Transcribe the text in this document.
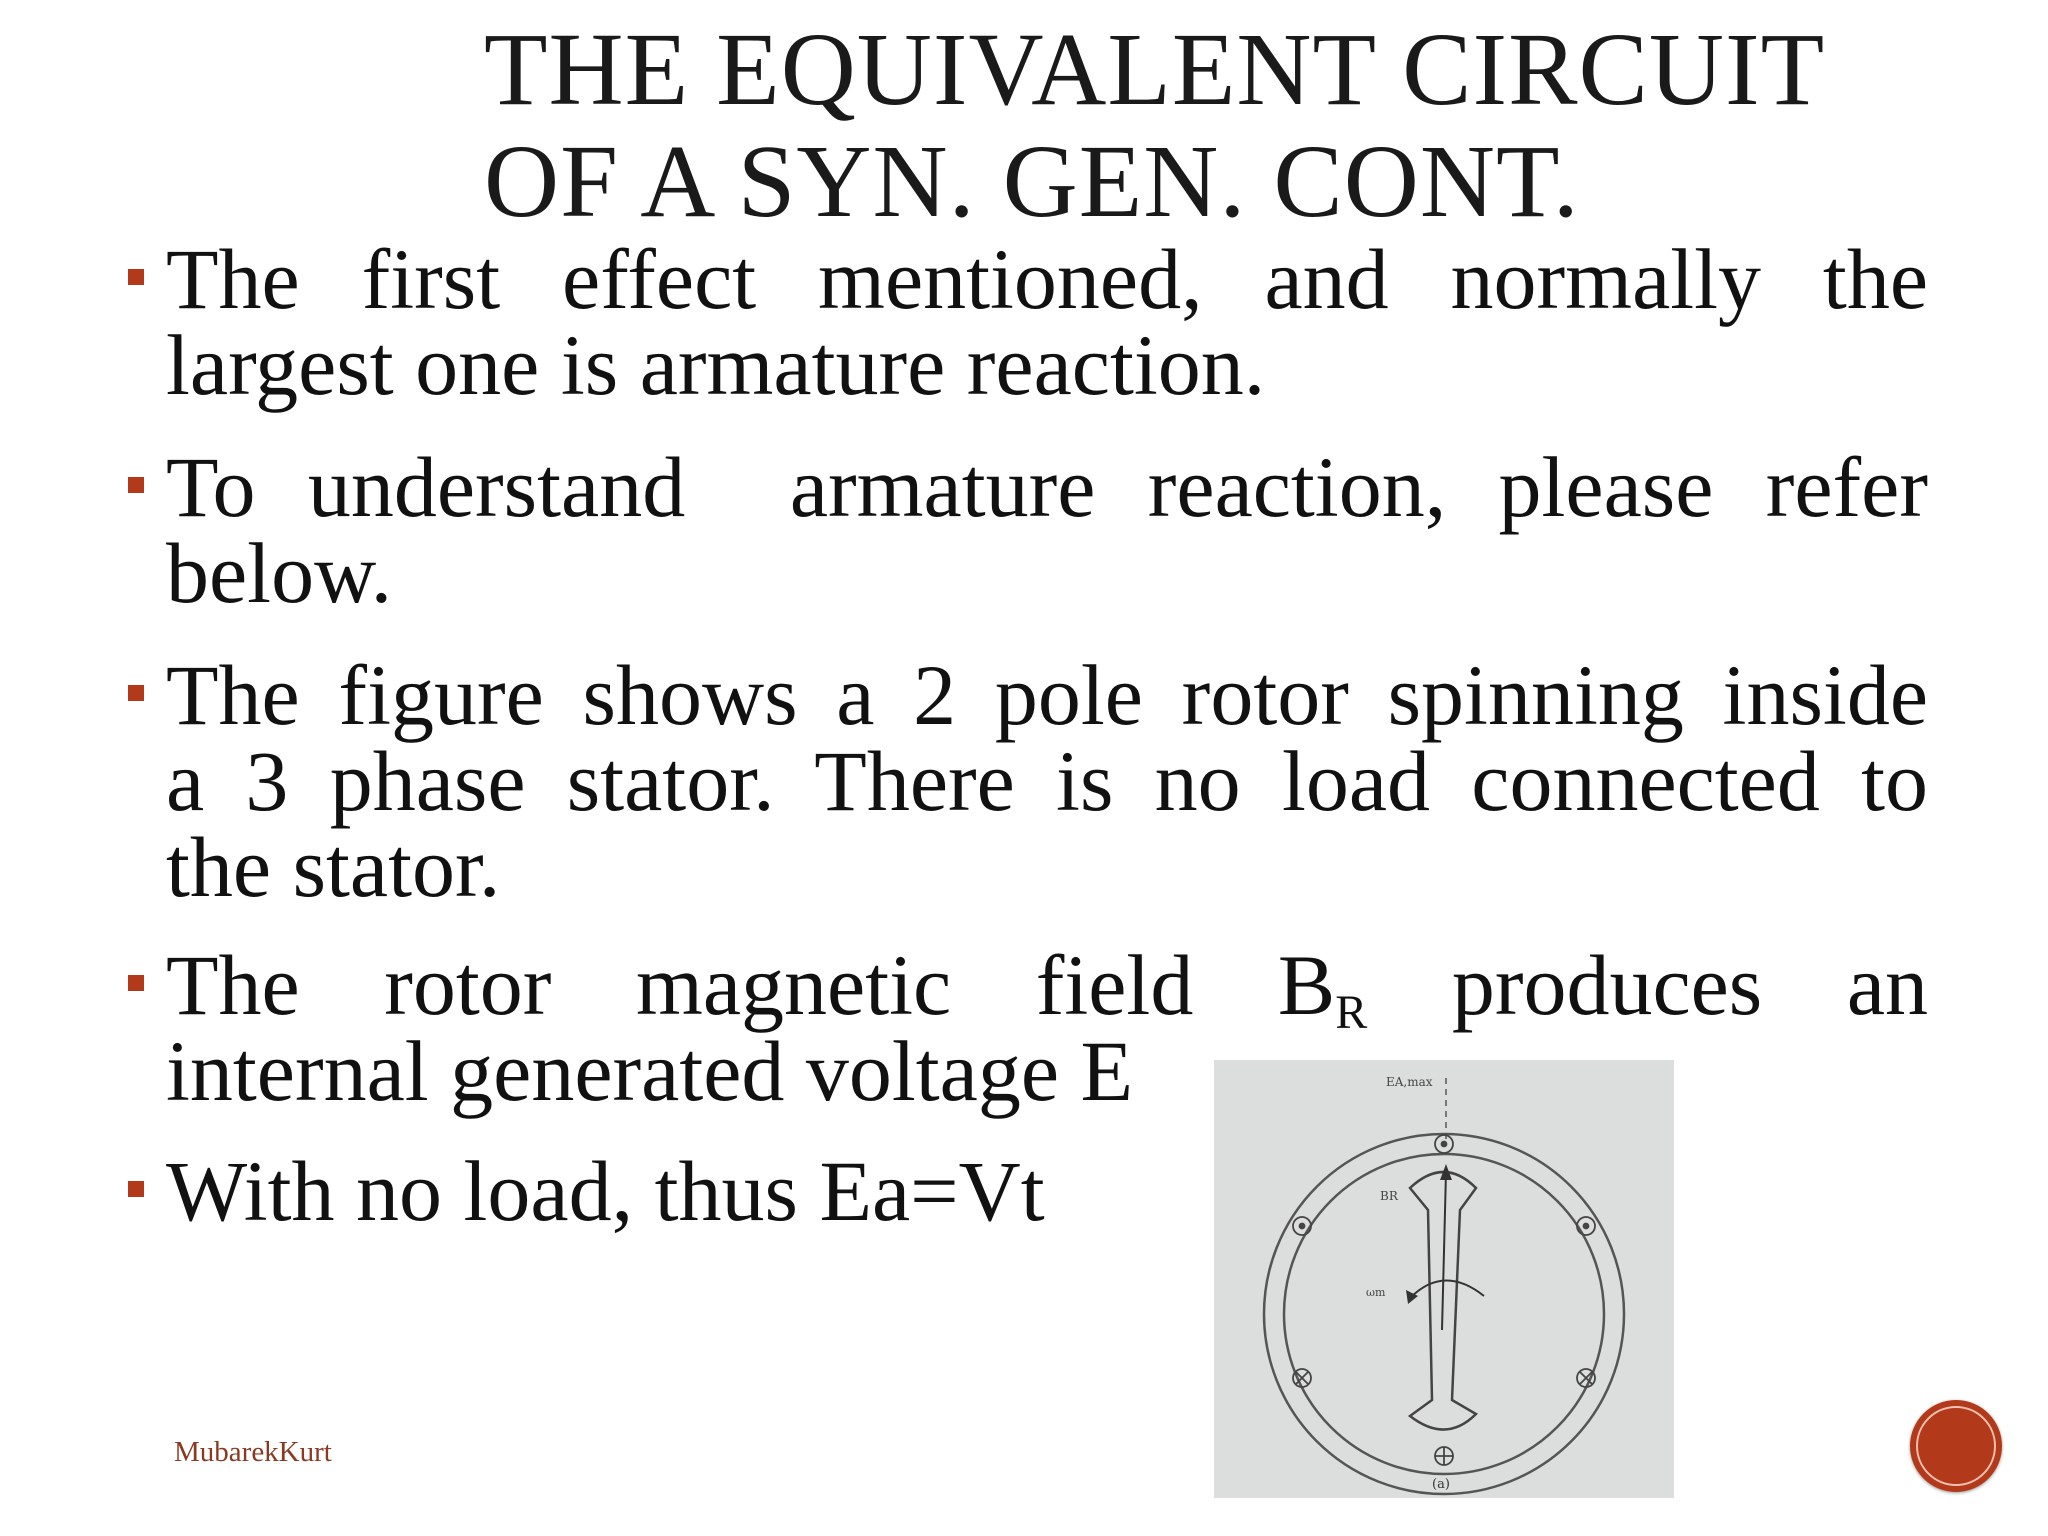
THE EQUIVALENT CIRCUIT
OF A SYN. GEN. CONT.
The first effect mentioned, and normally the
largest one is armature reaction.
To understand  armature reaction, please refer
below.
The figure shows a 2 pole rotor spinning inside
a 3 phase stator. There is no load connected to
the stator.
The rotor magnetic field $B_R$ produces an
internal generated voltage E
With no load, thus Ea=Vt
EA,max
BR
ωm
(a)
MubarekKurt
